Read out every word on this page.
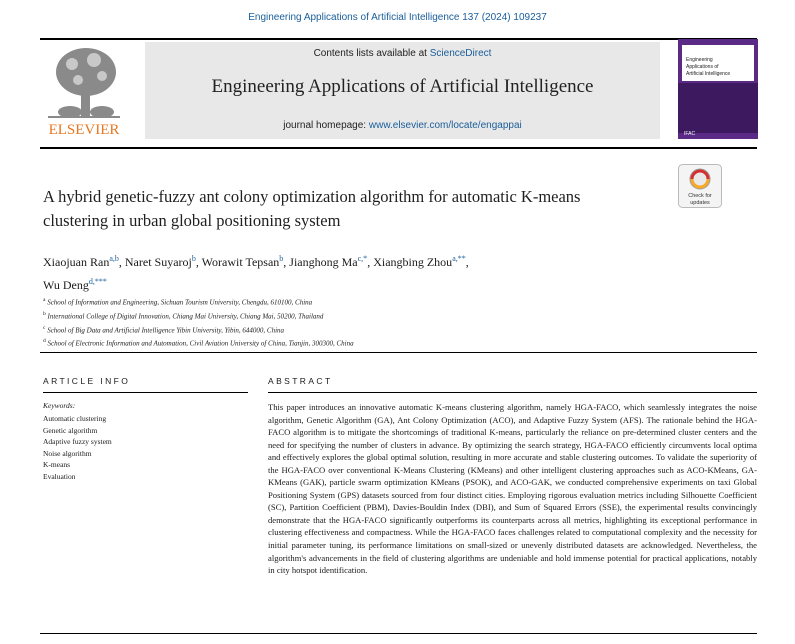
Engineering Applications of Artificial Intelligence 137 (2024) 109237
ELSEVIER
Contents lists available at ScienceDirect
Engineering Applications of Artificial Intelligence
journal homepage: www.elsevier.com/locate/engappai
Engineering
Applications of
Artificial Intelligence
IFAC
A hybrid genetic-fuzzy ant colony optimization algorithm for automatic K-means clustering in urban global positioning system
Check for
updates
Xiaojuan Ran$^{a,b}$, Naret Suyaroj$^b$, Worawit Tepsan$^b$, Jianghong $Ma^{c,*}$, Xiangbing Zhou$^{a,**}$,
Wu Deng$^{d,***}$
$^a$ School of Information and Engineering, Sichuan Tourism University, Chengdu, 610100, China
$^b$ International College of Digital Innovation, Chiang Mai University, Chiang Mai, 50200, Thailand
$^c$ School of Big Data and Artificial Intelligence Yibin University, Yibin, 644000, China
$^d$ School of Electronic Information and Automation, Civil Aviation University of China, Tianjin, 300300, China
ARTICLE INFO
Keywords:
Automatic clustering
Genetic algorithm
Adaptive fuzzy system
Noise algorithm
K-means
Evaluation
ABSTRACT
This paper introduces an innovative automatic K-means clustering algorithm, namely HGA-FACO, which seamlessly integrates the noise algorithm, Genetic Algorithm (GA), Ant Colony Optimization (ACO), and Adaptive Fuzzy System (AFS). The rationale behind the HGA-FACO algorithm is to mitigate the shortcomings of traditional K-means, particularly the reliance on pre-determined cluster centers and the need for specifying the number of clusters in advance. By optimizing the search strategy, HGA-FACO efficiently circumvents local optima and effectively explores the global optimal solution, resulting in more accurate and stable clustering outcomes. To validate the superiority of the HGA-FACO over conventional K-Means Clustering (KMeans) and other intelligent clustering approaches such as ACO-KMeans, GA-KMeans (GAK), particle swarm optimization KMeans (PSOK), and ACO-GAK, we conducted comprehensive experiments on taxi Global Positioning System (GPS) datasets sourced from four distinct cities. Employing rigorous evaluation metrics including Silhouette Coefficient (SC), Partition Coefficient (PBM), Davies-Bouldin Index (DBI), and Sum of Squared Errors (SSE), the experimental results convincingly demonstrate that the HGA-FACO significantly outperforms its counterparts across all metrics, highlighting its exceptional performance in clustering effectiveness and compactness. While the HGA-FACO faces challenges related to computational complexity and the necessity for initial parameter tuning, its performance limitations on small-sized or unevenly distributed datasets are acknowledged. Nevertheless, the algorithm's advancements in the field of clustering algorithms are undeniable and hold immense potential for practical applications, notably in city hotspot identification.
